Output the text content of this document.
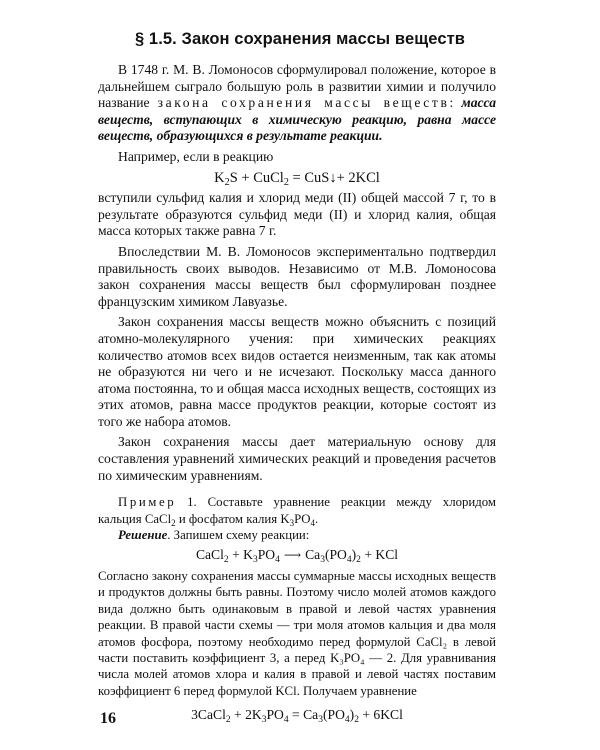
§ 1.5. Закон сохранения массы веществ

В 1748 г. М. В. Ломоносов сформулировал положение, которое в дальнейшем сыграло большую роль в развитии химии и получило название закона сохранения массы веществ: масса веществ, вступающих в химическую реакцию, равна массе веществ, образующихся в результате реакции.

Например, если в реакцию

$K_2S$ + CuCl$_2$ = CuS↓+ 2KCl

вступили сульфид калия и хлорид меди (II) общей массой 7 г, то в результате образуются сульфид меди (II) и хлорид калия, общая масса которых также равна 7 г.

Впоследствии М. В. Ломоносов экспериментально подтвердил правильность своих выводов. Независимо от М.В. Ломоносова закон сохранения массы веществ был сформулирован позднее французским химиком Лавуазье.

Закон сохранения массы веществ можно объяснить с позиций атомно-молекулярного учения: при химических реакциях количество атомов всех видов остается неизменным, так как атомы не образуются ни чего и не исчезают. Поскольку масса данного атома постоянна, то и общая масса исходных веществ, состоящих из этих атомов, равна массе продуктов реакции, которые состоят из того же набора атомов.

Закон сохранения массы дает материальную основу для составления уравнений химических реакций и проведения расчетов по химическим уравнениям.

Пример 1. Составьте уравнение реакции между хлоридом кальция CaCl$_2$ и фосфатом калия $K_3PO_4$.

Решение. Запишем схему реакции:

CaCl$_2$ + $K_3PO_4$ ⟶ $Ca_3(PO_4)_2$ + KCl

Согласно закону сохранения массы суммарные массы исходных веществ и продуктов должны быть равны. Поэтому число молей атомов каждого вида должно быть одинаковым в правой и левой частях уравнения реакции. В правой части схемы — три моля атомов кальция и два моля атомов фосфора, поэтому необходимо перед формулой CaCl₂ в левой части поставить коэффициент 3, а перед K₃PO₄ — 2. Для уравнивания числа молей атомов хлора и калия в правой и левой частях поставим коэффициент 6 перед формулой KCl. Получаем уравнение

3CaCl$_2$ + $2K_3PO_4 = Ca_3(PO_4)_2 + 6KCl$
16
